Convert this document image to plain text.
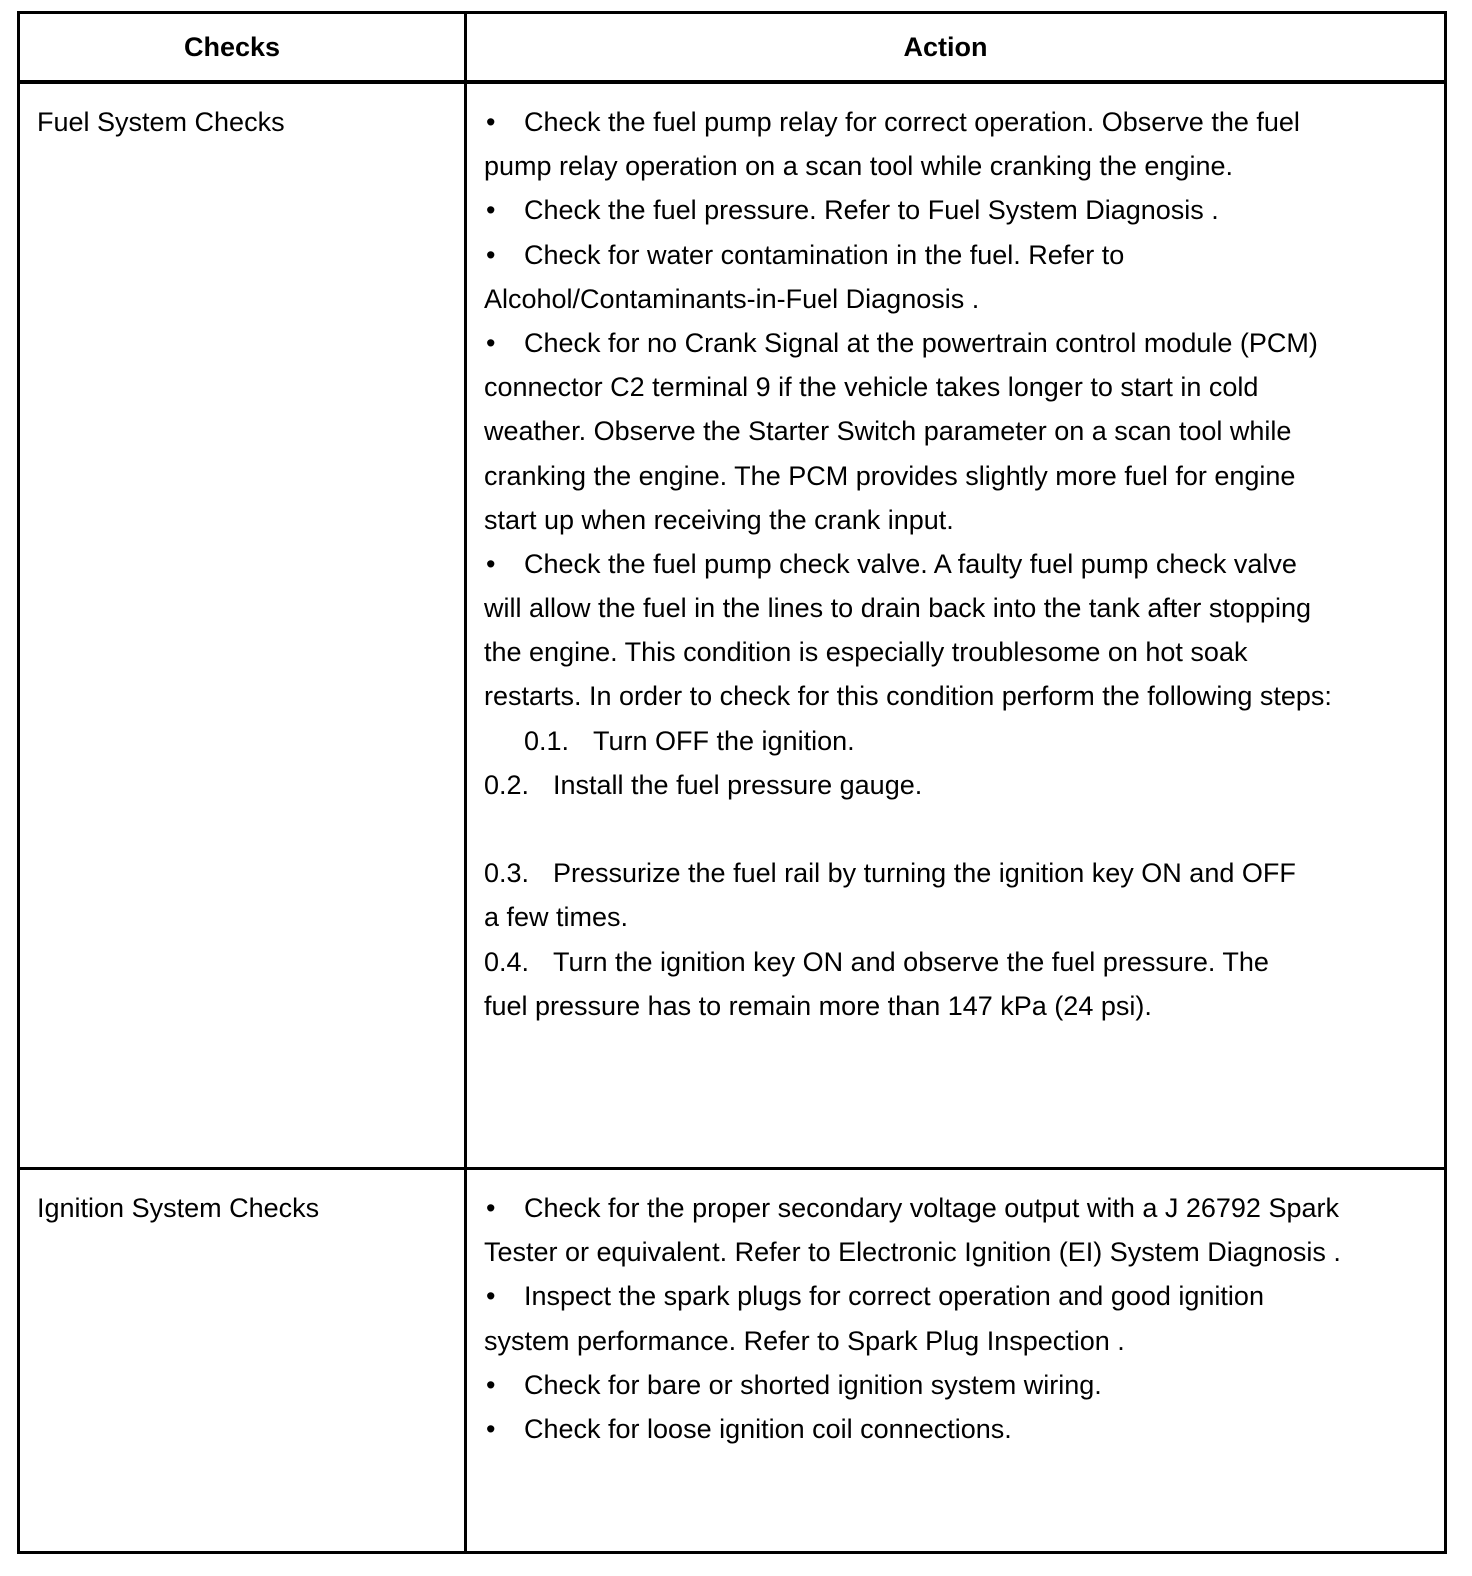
Checks	Action
Fuel System Checks	• Check the fuel pump relay for correct operation. Observe the fuel
pump relay operation on a scan tool while cranking the engine.
• Check the fuel pressure. Refer to Fuel System Diagnosis .
• Check for water contamination in the fuel. Refer to
Alcohol/Contaminants-in-Fuel Diagnosis .
• Check for no Crank Signal at the powertrain control module (PCM)
connector C2 terminal 9 if the vehicle takes longer to start in cold
weather. Observe the Starter Switch parameter on a scan tool while
cranking the engine. The PCM provides slightly more fuel for engine
start up when receiving the crank input.
• Check the fuel pump check valve. A faulty fuel pump check valve
will allow the fuel in the lines to drain back into the tank after stopping
the engine. This condition is especially troublesome on hot soak
restarts. In order to check for this condition perform the following steps:
0.1. Turn OFF the ignition.
0.2. Install the fuel pressure gauge.
0.3. Pressurize the fuel rail by turning the ignition key ON and OFF
a few times.
0.4. Turn the ignition key ON and observe the fuel pressure. The
fuel pressure has to remain more than 147 kPa (24 psi).
Ignition System Checks	• Check for the proper secondary voltage output with a J 26792 Spark
Tester or equivalent. Refer to Electronic Ignition (EI) System Diagnosis .
• Inspect the spark plugs for correct operation and good ignition
system performance. Refer to Spark Plug Inspection .
• Check for bare or shorted ignition system wiring.
• Check for loose ignition coil connections.
